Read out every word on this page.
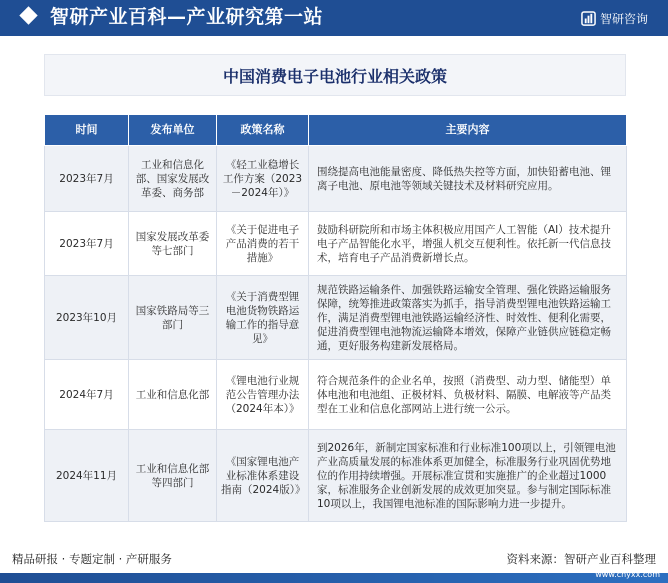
智研产业百科—产业研究第一站	智研咨询
中国消费电子电池行业相关政策
时间	发布单位	政策名称	主要内容
2023年7月	工业和信息化部、国家发展改革委、商务部	《轻工业稳增长工作方案（2023－2024年）》	围绕提高电池能量密度、降低热失控等方面，加快铅蓄电池、锂离子电池、原电池等领域关键技术及材料研究应用。
2023年7月	国家发展改革委等七部门	《关于促进电子产品消费的若干措施》	鼓励科研院所和市场主体积极应用国产人工智能（AI）技术提升电子产品智能化水平，增强人机交互便利性。依托新一代信息技术，培育电子产品消费新增长点。
2023年10月	国家铁路局等三部门	《关于消费型锂电池货物铁路运输工作的指导意见》	规范铁路运输条件、加强铁路运输安全管理、强化铁路运输服务保障，统筹推进政策落实为抓手，指导消费型锂电池铁路运输工作，满足消费型锂电池铁路运输经济性、时效性、便利化需要，促进消费型锂电池物流运输降本增效，保障产业链供应链稳定畅通，更好服务构建新发展格局。
2024年7月	工业和信息化部	《锂电池行业规范公告管理办法（2024年本）》	符合规范条件的企业名单，按照（消费型、动力型、储能型）单体电池和电池组、正极材料、负极材料、隔膜、电解液等产品类型在工业和信息化部网站上进行统一公示。
2024年11月	工业和信息化部等四部门	《国家锂电池产业标准体系建设指南（2024版）》	到2026年，新制定国家标准和行业标准100项以上，引领锂电池产业高质量发展的标准体系更加健全，标准服务行业巩固优势地位的作用持续增强。开展标准宣贯和实施推广的企业超过1000家，标准服务企业创新发展的成效更加突显。参与制定国际标准10项以上，我国锂电池标准的国际影响力进一步提升。
精品研报 · 专题定制 · 产研服务	资料来源：智研产业百科整理
www.chyxx.com
